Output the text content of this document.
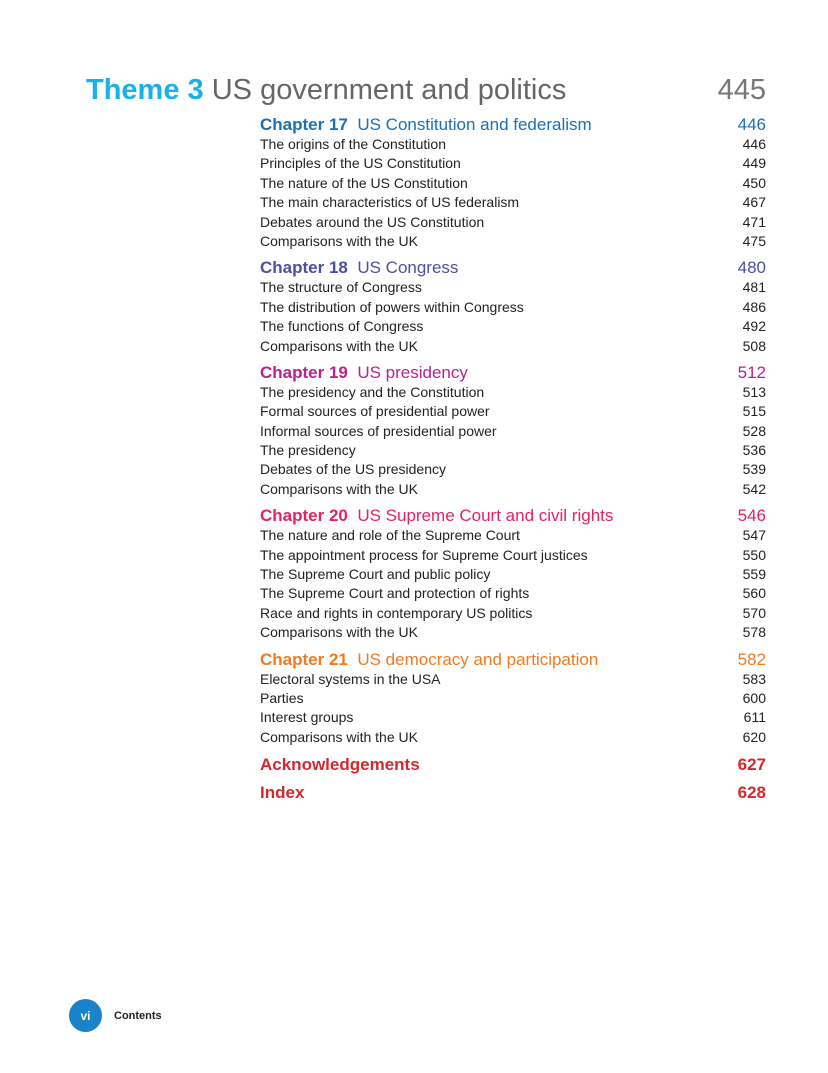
Theme 3 US government and politics	445
Chapter 17 US Constitution and federalism	446
The origins of the Constitution	446
Principles of the US Constitution	449
The nature of the US Constitution	450
The main characteristics of US federalism	467
Debates around the US Constitution	471
Comparisons with the UK	475
Chapter 18 US Congress	480
The structure of Congress	481
The distribution of powers within Congress	486
The functions of Congress	492
Comparisons with the UK	508
Chapter 19 US presidency	512
The presidency and the Constitution	513
Formal sources of presidential power	515
Informal sources of presidential power	528
The presidency	536
Debates of the US presidency	539
Comparisons with the UK	542
Chapter 20 US Supreme Court and civil rights	546
The nature and role of the Supreme Court	547
The appointment process for Supreme Court justices	550
The Supreme Court and public policy	559
The Supreme Court and protection of rights	560
Race and rights in contemporary US politics	570
Comparisons with the UK	578
Chapter 21 US democracy and participation	582
Electoral systems in the USA	583
Parties	600
Interest groups	611
Comparisons with the UK	620
Acknowledgements	627
Index	628
vi	Contents
